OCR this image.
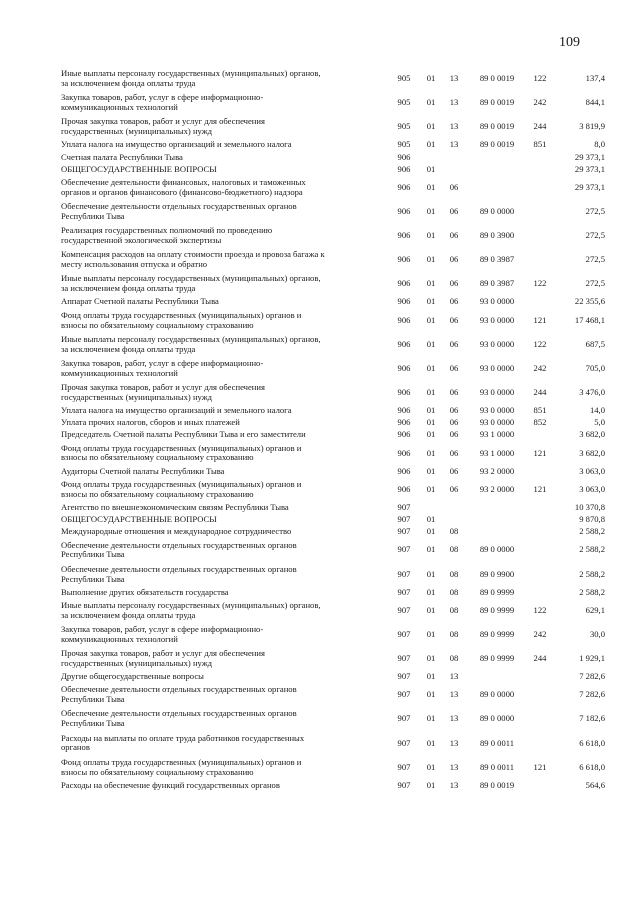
109
Иные выплаты персоналу государственных (муниципальных) органов,
за исключением фонда оплаты труда	905	01	13	89 0 0019	122	137,4
Закупка товаров, работ, услуг в сфере информационно-
коммуникационных технологий	905	01	13	89 0 0019	242	844,1
Прочая закупка товаров, работ и услуг для обеспечения
государственных (муниципальных) нужд	905	01	13	89 0 0019	244	3 819,9
Уплата налога на имущество организаций и земельного налога	905	01	13	89 0 0019	851	8,0
Счетная палата Республики Тыва	906					29 373,1
ОБЩЕГОСУДАРСТВЕННЫЕ ВОПРОСЫ	906	01				29 373,1
Обеспечение деятельности финансовых, налоговых и таможенных
органов и органов финансового (финансово-бюджетного) надзора	906	01	06			29 373,1
Обеспечение деятельности отдельных государственных органов
Республики Тыва	906	01	06	89 0 0000		272,5
Реализация государственных полномочий по проведению
государственной экологической экспертизы	906	01	06	89 0 3900		272,5
Компенсация расходов на оплату стоимости проезда и провоза багажа к
месту использования отпуска и обратно	906	01	06	89 0 3987		272,5
Иные выплаты персоналу государственных (муниципальных) органов,
за исключением фонда оплаты труда	906	01	06	89 0 3987	122	272,5
Аппарат Счетной палаты Республики Тыва	906	01	06	93 0 0000		22 355,6
Фонд оплаты труда государственных (муниципальных) органов и
взносы по обязательному социальному страхованию	906	01	06	93 0 0000	121	17 468,1
Иные выплаты персоналу государственных (муниципальных) органов,
за исключением фонда оплаты труда	906	01	06	93 0 0000	122	687,5
Закупка товаров, работ, услуг в сфере информационно-
коммуникационных технологий	906	01	06	93 0 0000	242	705,0
Прочая закупка товаров, работ и услуг для обеспечения
государственных (муниципальных) нужд	906	01	06	93 0 0000	244	3 476,0
Уплата налога на имущество организаций и земельного налога	906	01	06	93 0 0000	851	14,0
Уплата прочих налогов, сборов и иных платежей	906	01	06	93 0 0000	852	5,0
Председатель Счетной палаты Республики Тыва и его заместители	906	01	06	93 1 0000		3 682,0
Фонд оплаты труда государственных (муниципальных) органов и
взносы по обязательному социальному страхованию	906	01	06	93 1 0000	121	3 682,0
Аудиторы Счетной палаты Республики Тыва	906	01	06	93 2 0000		3 063,0
Фонд оплаты труда государственных (муниципальных) органов и
взносы по обязательному социальному страхованию	906	01	06	93 2 0000	121	3 063,0
Агентство по внешнеэкономическим связям Республики Тыва	907					10 370,8
ОБЩЕГОСУДАРСТВЕННЫЕ ВОПРОСЫ	907	01				9 870,8
Международные отношения и международное сотрудничество	907	01	08			2 588,2
Обеспечение деятельности отдельных государственных органов
Республики Тыва	907	01	08	89 0 0000		2 588,2
Обеспечение деятельности отдельных государственных органов
Республики Тыва	907	01	08	89 0 9900		2 588,2
Выполнение других обязательств государства	907	01	08	89 0 9999		2 588,2
Иные выплаты персоналу государственных (муниципальных) органов,
за исключением фонда оплаты труда	907	01	08	89 0 9999	122	629,1
Закупка товаров, работ, услуг в сфере информационно-
коммуникационных технологий	907	01	08	89 0 9999	242	30,0
Прочая закупка товаров, работ и услуг для обеспечения
государственных (муниципальных) нужд	907	01	08	89 0 9999	244	1 929,1
Другие общегосударственные вопросы	907	01	13			7 282,6
Обеспечение деятельности отдельных государственных органов
Республики Тыва	907	01	13	89 0 0000		7 282,6
Обеспечение деятельности отдельных государственных органов
Республики Тыва	907	01	13	89 0 0000		7 182,6
Расходы на выплаты по оплате труда работников государственных
органов	907	01	13	89 0 0011		6 618,0
Фонд оплаты труда государственных (муниципальных) органов и
взносы по обязательному социальному страхованию	907	01	13	89 0 0011	121	6 618,0
Расходы на обеспечение функций государственных органов	907	01	13	89 0 0019		564,6
